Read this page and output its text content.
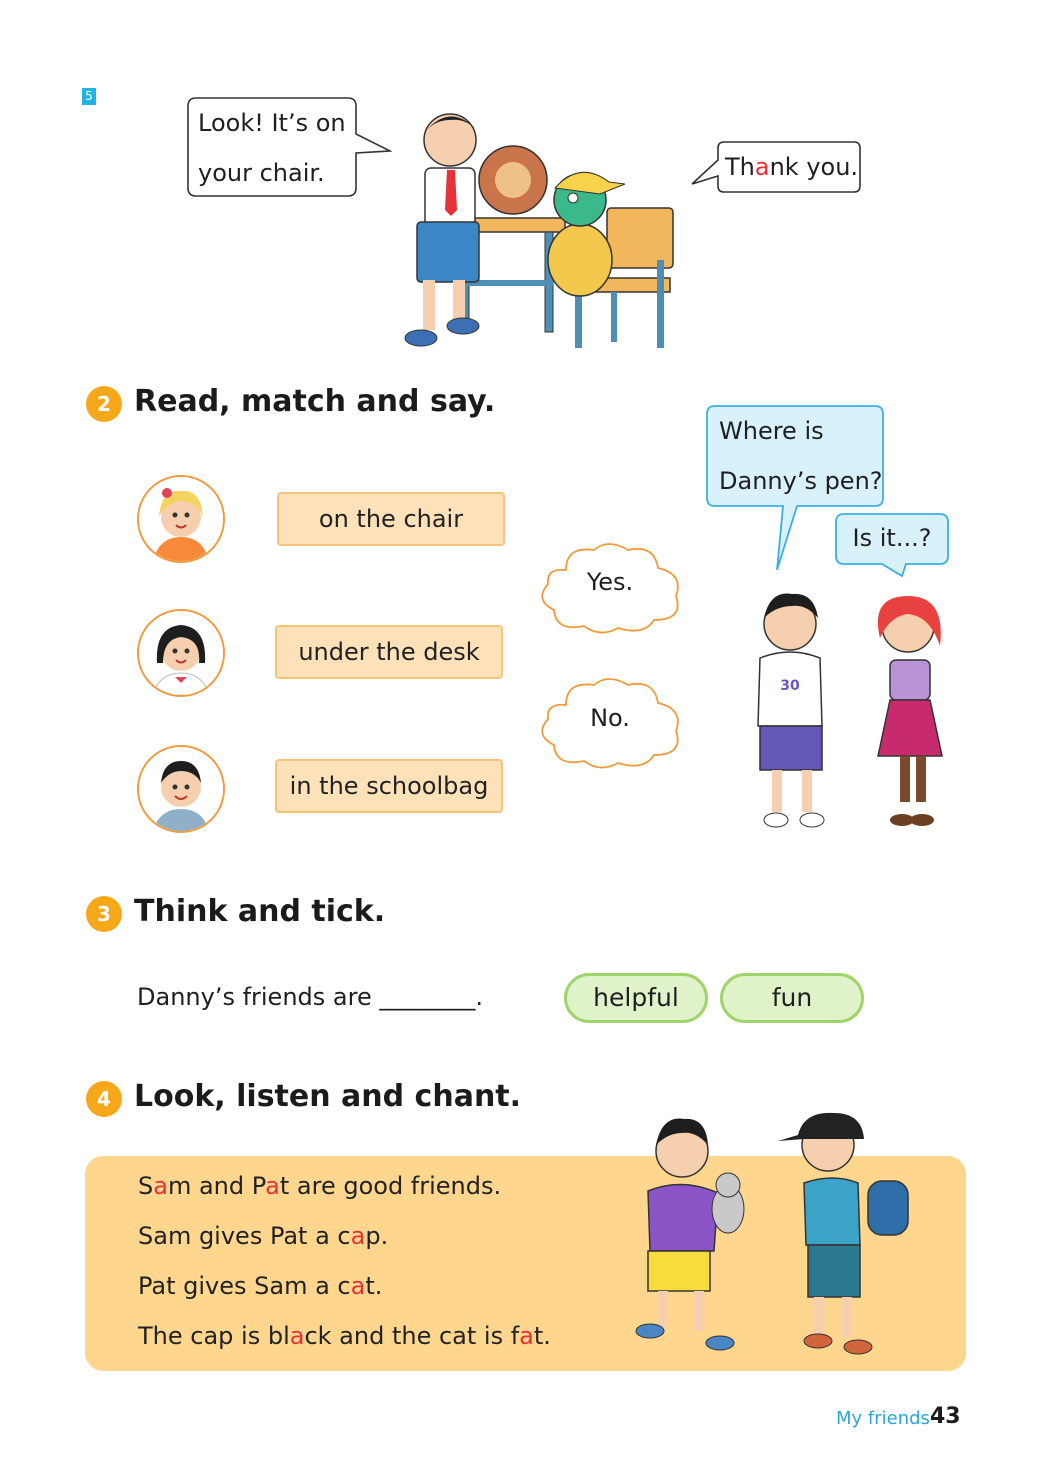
5
Look! It’s on
your chair.	Thank you.
2 Read, match and say.
on the chair
under the desk
in the schoolbag
Yes.
No.
Where is
Danny’s pen?
Is it...?
30
3 Think and tick.
Danny’s friends are ________.	helpful	fun
4 Look, listen and chant.
Sam and Pat are good friends.
Sam gives Pat a cap.
Pat gives Sam a cat.
The cap is black and the cat is fat.
My friends 43
